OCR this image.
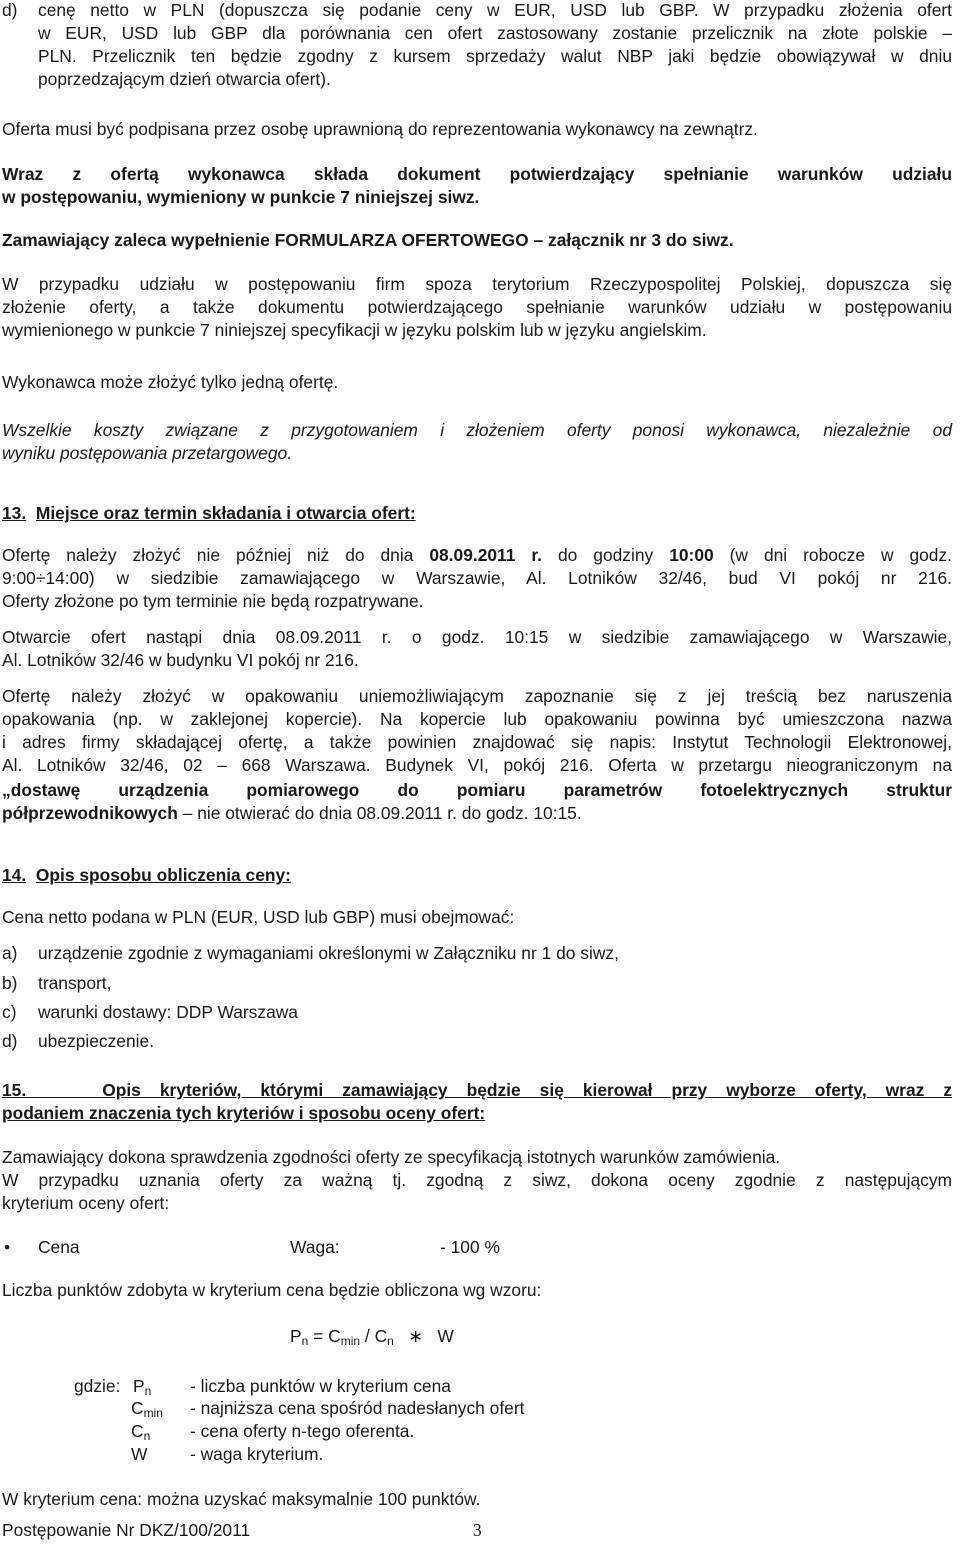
d) cenę netto w PLN (dopuszcza się podanie ceny w EUR, USD lub GBP. W przypadku złożenia ofert

w EUR, USD lub GBP dla porównania cen ofert zastosowany zostanie przelicznik na złote polskie –

PLN. Przelicznik ten będzie zgodny z kursem sprzedaży walut NBP jaki będzie obowiązywał w dniu

poprzedzającym dzień otwarcia ofert).

Oferta musi być podpisana przez osobę uprawnioną do reprezentowania wykonawcy na zewnątrz.

Wraz z ofertą wykonawca składa dokument potwierdzający spełnianie warunków udziału

w postępowaniu, wymieniony w punkcie 7 niniejszej siwz.

Zamawiający zaleca wypełnienie FORMULARZA OFERTOWEGO – załącznik nr 3 do siwz.

W przypadku udziału w postępowaniu firm spoza terytorium Rzeczypospolitej Polskiej, dopuszcza się

złożenie oferty, a także dokumentu potwierdzającego spełnianie warunków udziału w postępowaniu

wymienionego w punkcie 7 niniejszej specyfikacji w języku polskim lub w języku angielskim.

Wykonawca może złożyć tylko jedną ofertę.

Wszelkie koszty związane z przygotowaniem i złożeniem oferty ponosi wykonawca, niezależnie od

wyniku postępowania przetargowego.

13. Miejsce oraz termin składania i otwarcia ofert:

Ofertę należy złożyć nie później niż do dnia 08.09.2011 r. do godziny 10:00 (w dni robocze w godz.

9:00÷14:00) w siedzibie zamawiającego w Warszawie, Al. Lotników 32/46, bud VI pokój nr 216.

Oferty złożone po tym terminie nie będą rozpatrywane.

Otwarcie ofert nastąpi dnia 08.09.2011 r. o godz. 10:15 w siedzibie zamawiającego w Warszawie,

Al. Lotników 32/46 w budynku VI pokój nr 216.

Ofertę należy złożyć w opakowaniu uniemożliwiającym zapoznanie się z jej treścią bez naruszenia

opakowania (np. w zaklejonej kopercie). Na kopercie lub opakowaniu powinna być umieszczona nazwa

i adres firmy składającej ofertę, a także powinien znajdować się napis: Instytut Technologii Elektronowej,

Al. Lotników 32/46, 02 – 668 Warszawa. Budynek VI, pokój 216. Oferta w przetargu nieograniczonym na

„dostawę urządzenia pomiarowego do pomiaru parametrów fotoelektrycznych struktur

półprzewodnikowych – nie otwierać do dnia 08.09.2011 r. do godz. 10:15.

14. Opis sposobu obliczenia ceny:

Cena netto podana w PLN (EUR, USD lub GBP) musi obejmować:

a) urządzenie zgodnie z wymaganiami określonymi w Załączniku nr 1 do siwz,
b) transport,
c) warunki dostawy: DDP Warszawa
d) ubezpieczenie.

15.	Opis kryteriów, którymi zamawiający będzie się kierował przy wyborze oferty, wraz z

podaniem znaczenia tych kryteriów i sposobu oceny ofert:

Zamawiający dokona sprawdzenia zgodności oferty ze specyfikacją istotnych warunków zamówienia.

W przypadku uznania oferty za ważną tj. zgodną z siwz, dokona oceny zgodnie z następującym

kryterium oceny ofert:

• Cena	Waga:	- 100 %

Liczba punktów zdobyta w kryterium cena będzie obliczona wg wzoru:

$P_n = C_{min} / C_n$ ∗ W
gdzie: $P_n$ - liczba punktów w kryterium cena
$C_{min}$ - najniższa cena spośród nadesłanych ofert
$C_n$ - cena oferty n-tego oferenta.
W - waga kryterium.

W kryterium cena: można uzyskać maksymalnie 100 punktów.

Postępowanie Nr DKZ/100/2011	3
